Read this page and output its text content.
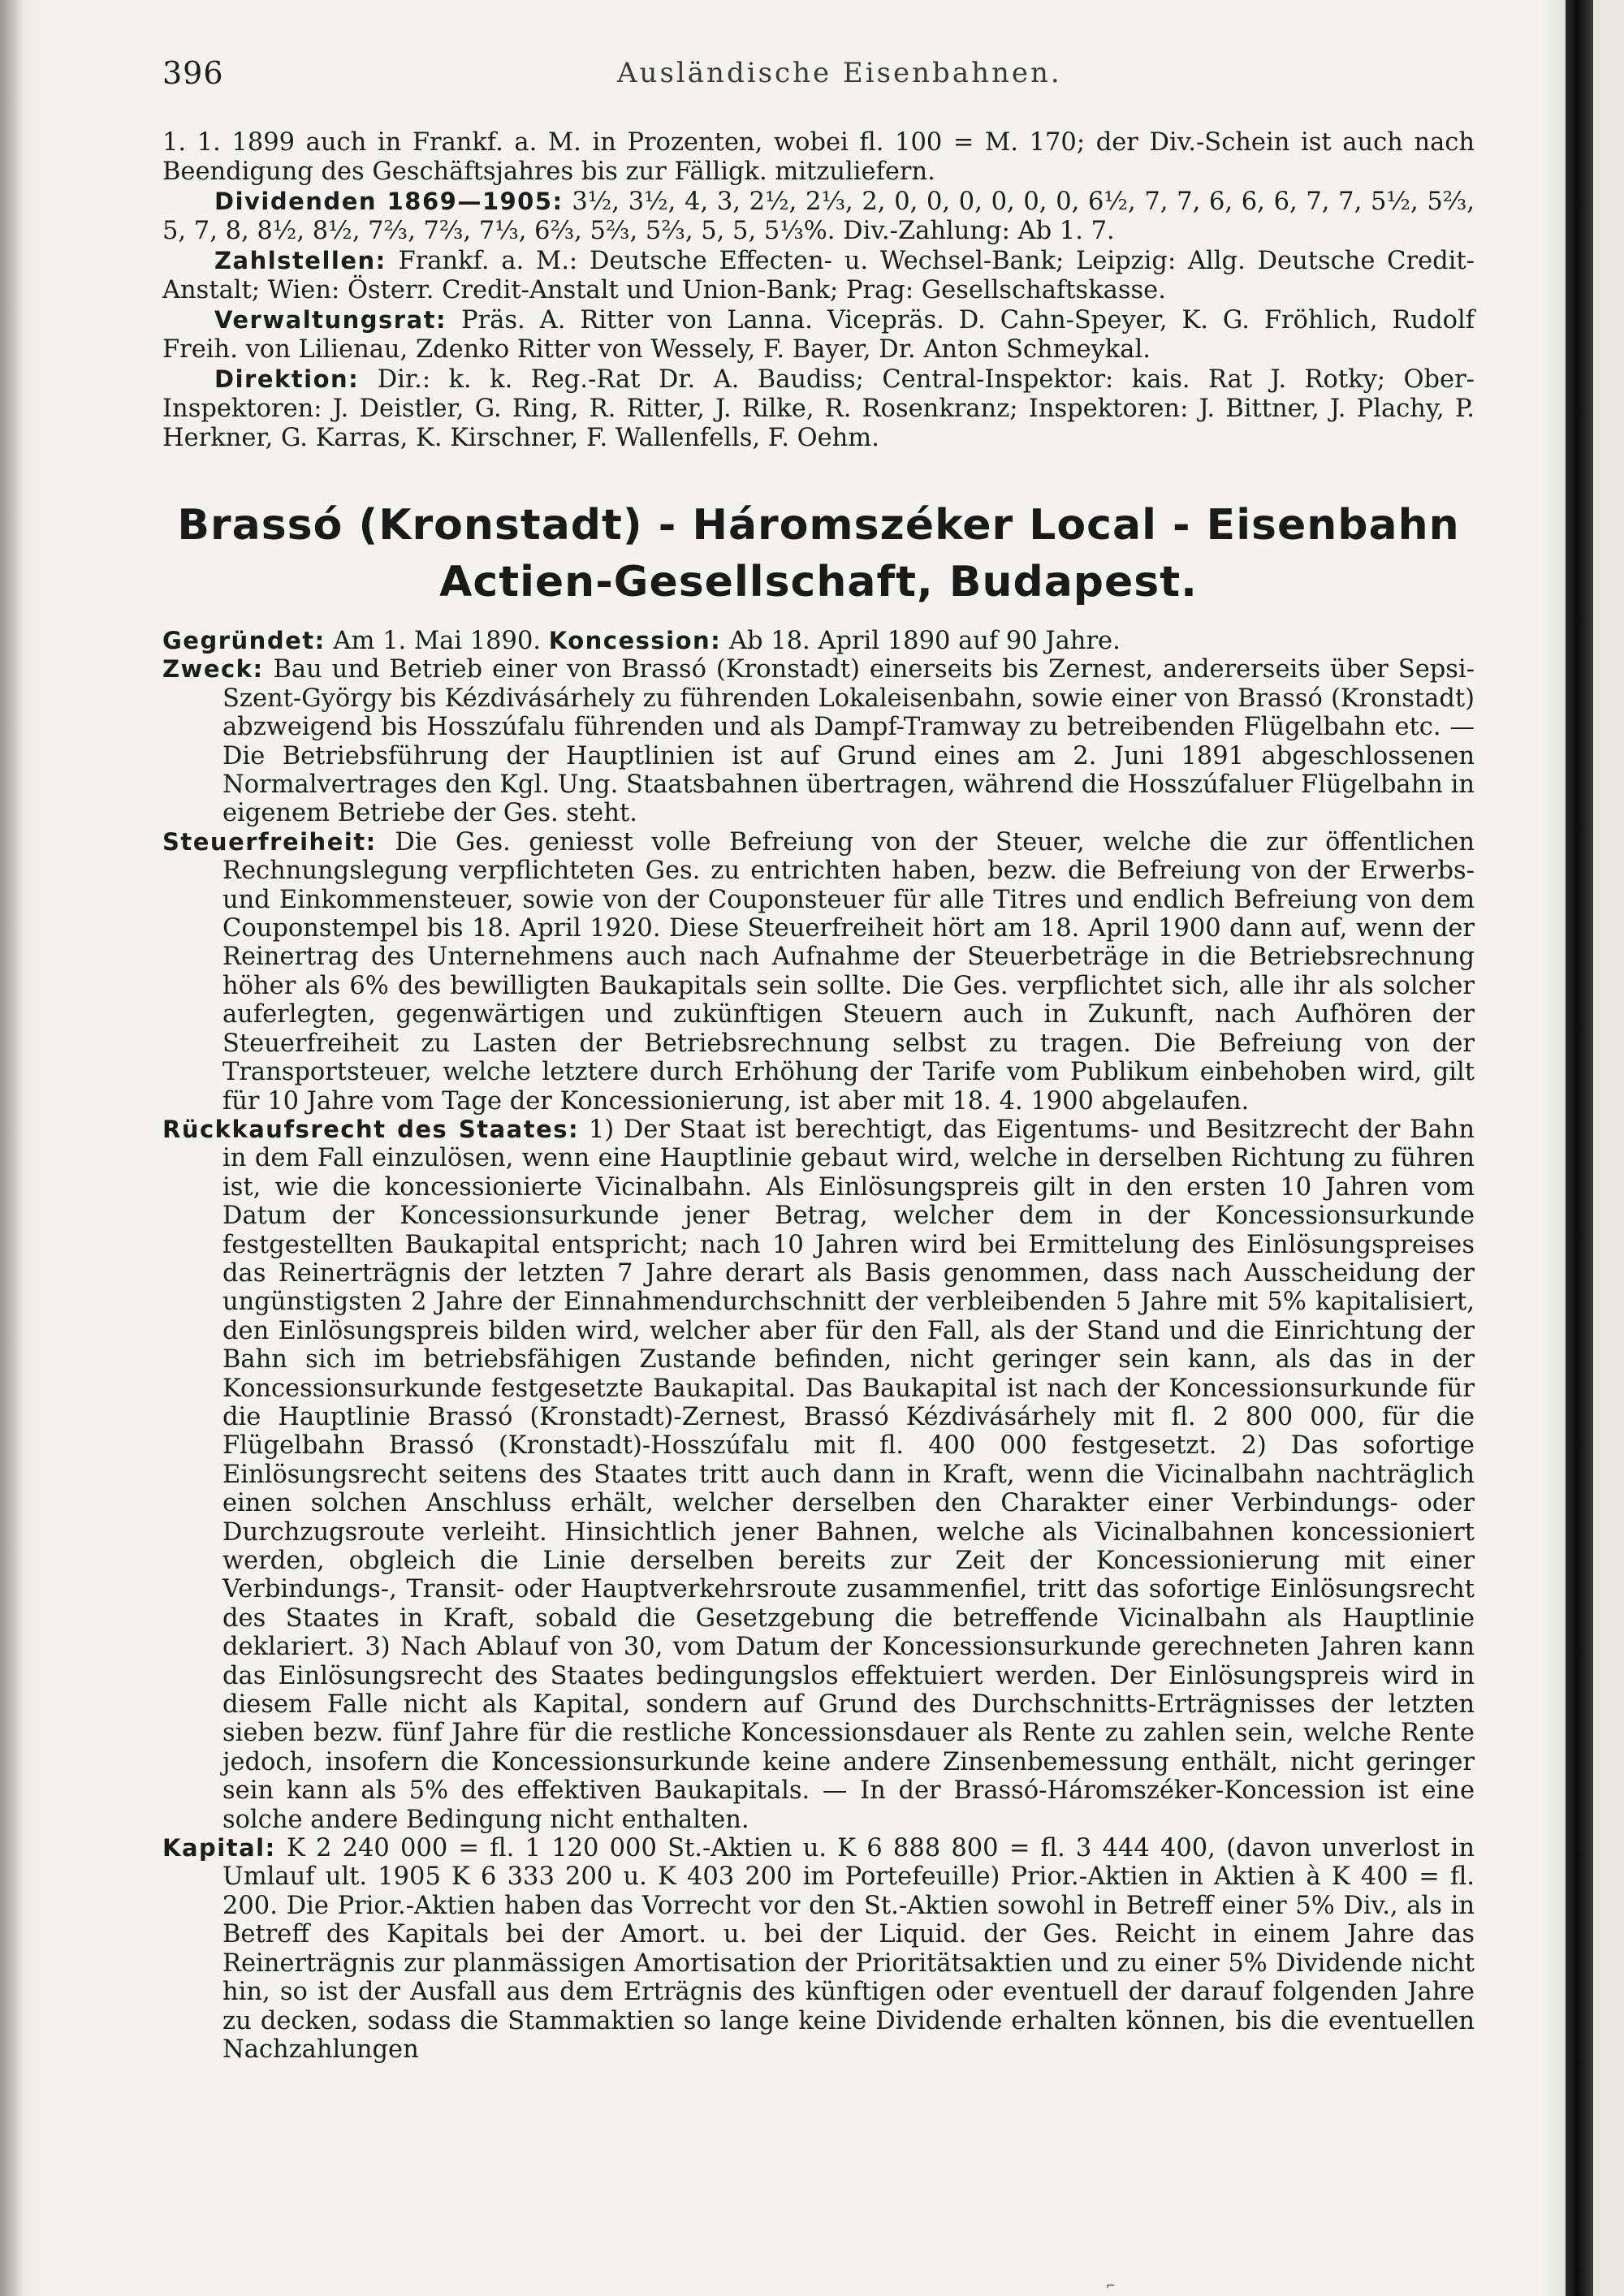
396	Ausländische Eisenbahnen.

1. 1. 1899 auch in Frankf. a. M. in Prozenten, wobei fl. 100 = M. 170; der Div.-Schein ist auch nach Beendigung des Geschäftsjahres bis zur Fälligk. mitzuliefern.

Dividenden 1869—1905: 3½, 3½, 4, 3, 2½, 2⅓, 2, 0, 0, 0, 0, 0, 0, 6½, 7, 7, 6, 6, 6, 7, 7, 5½, 5⅔, 5, 7, 8, 8½, 8½, 7⅔, 7⅔, 7⅓, 6⅔, 5⅔, 5⅔, 5, 5, 5⅓%. Div.-Zahlung: Ab 1. 7.

Zahlstellen: Frankf. a. M.: Deutsche Effecten- u. Wechsel-Bank; Leipzig: Allg. Deutsche Credit-Anstalt; Wien: Österr. Credit-Anstalt und Union-Bank; Prag: Gesellschaftskasse.

Verwaltungsrat: Präs. A. Ritter von Lanna. Vicepräs. D. Cahn-Speyer, K. G. Fröhlich, Rudolf Freih. von Lilienau, Zdenko Ritter von Wessely, F. Bayer, Dr. Anton Schmeykal.

Direktion: Dir.: k. k. Reg.-Rat Dr. A. Baudiss; Central-Inspektor: kais. Rat J. Rotky; Ober-Inspektoren: J. Deistler, G. Ring, R. Ritter, J. Rilke, R. Rosenkranz; Inspektoren: J. Bittner, J. Plachy, P. Herkner, G. Karras, K. Kirschner, F. Wallenfells, F. Oehm.

Brassó (Kronstadt) - Háromszéker Local - Eisenbahn
Actien-Gesellschaft, Budapest.

Gegründet: Am 1. Mai 1890. Koncession: Ab 18. April 1890 auf 90 Jahre.

Zweck: Bau und Betrieb einer von Brassó (Kronstadt) einerseits bis Zernest, andererseits über Sepsi-Szent-György bis Kézdivásárhely zu führenden Lokaleisenbahn, sowie einer von Brassó (Kronstadt) abzweigend bis Hosszúfalu führenden und als Dampf-Tramway zu betreibenden Flügelbahn etc. — Die Betriebsführung der Hauptlinien ist auf Grund eines am 2. Juni 1891 abgeschlossenen Normalvertrages den Kgl. Ung. Staatsbahnen übertragen, während die Hosszúfaluer Flügelbahn in eigenem Betriebe der Ges. steht.

Steuerfreiheit: Die Ges. geniesst volle Befreiung von der Steuer, welche die zur öffentlichen Rechnungslegung verpflichteten Ges. zu entrichten haben, bezw. die Befreiung von der Erwerbs- und Einkommensteuer, sowie von der Couponsteuer für alle Titres und endlich Befreiung von dem Couponstempel bis 18. April 1920. Diese Steuerfreiheit hört am 18. April 1900 dann auf, wenn der Reinertrag des Unternehmens auch nach Aufnahme der Steuerbeträge in die Betriebsrechnung höher als 6% des bewilligten Baukapitals sein sollte. Die Ges. verpflichtet sich, alle ihr als solcher auferlegten, gegenwärtigen und zukünftigen Steuern auch in Zukunft, nach Aufhören der Steuerfreiheit zu Lasten der Betriebsrechnung selbst zu tragen. Die Befreiung von der Transportsteuer, welche letztere durch Erhöhung der Tarife vom Publikum einbehoben wird, gilt für 10 Jahre vom Tage der Koncessionierung, ist aber mit 18. 4. 1900 abgelaufen.

Rückkaufsrecht des Staates: 1) Der Staat ist berechtigt, das Eigentums- und Besitzrecht der Bahn in dem Fall einzulösen, wenn eine Hauptlinie gebaut wird, welche in derselben Richtung zu führen ist, wie die koncessionierte Vicinalbahn. Als Einlösungspreis gilt in den ersten 10 Jahren vom Datum der Koncessionsurkunde jener Betrag, welcher dem in der Koncessionsurkunde festgestellten Baukapital entspricht; nach 10 Jahren wird bei Ermittelung des Einlösungspreises das Reinerträgnis der letzten 7 Jahre derart als Basis genommen, dass nach Ausscheidung der ungünstigsten 2 Jahre der Einnahmendurchschnitt der verbleibenden 5 Jahre mit 5% kapitalisiert, den Einlösungspreis bilden wird, welcher aber für den Fall, als der Stand und die Einrichtung der Bahn sich im betriebsfähigen Zustande befinden, nicht geringer sein kann, als das in der Koncessionsurkunde festgesetzte Baukapital. Das Baukapital ist nach der Koncessionsurkunde für die Hauptlinie Brassó (Kronstadt)-Zernest, Brassó Kézdivásárhely mit fl. 2 800 000, für die Flügelbahn Brassó (Kronstadt)-Hosszúfalu mit fl. 400 000 festgesetzt. 2) Das sofortige Einlösungsrecht seitens des Staates tritt auch dann in Kraft, wenn die Vicinalbahn nachträglich einen solchen Anschluss erhält, welcher derselben den Charakter einer Verbindungs- oder Durchzugsroute verleiht. Hinsichtlich jener Bahnen, welche als Vicinalbahnen koncessioniert werden, obgleich die Linie derselben bereits zur Zeit der Koncessionierung mit einer Verbindungs-, Transit- oder Hauptverkehrsroute zusammenfiel, tritt das sofortige Einlösungsrecht des Staates in Kraft, sobald die Gesetzgebung die betreffende Vicinalbahn als Hauptlinie deklariert. 3) Nach Ablauf von 30, vom Datum der Koncessionsurkunde gerechneten Jahren kann das Einlösungsrecht des Staates bedingungslos effektuiert werden. Der Einlösungspreis wird in diesem Falle nicht als Kapital, sondern auf Grund des Durchschnitts-Erträgnisses der letzten sieben bezw. fünf Jahre für die restliche Koncessionsdauer als Rente zu zahlen sein, welche Rente jedoch, insofern die Koncessionsurkunde keine andere Zinsenbemessung enthält, nicht geringer sein kann als 5% des effektiven Baukapitals. — In der Brassó-Háromszéker-Koncession ist eine solche andere Bedingung nicht enthalten.

Kapital: K 2 240 000 = fl. 1 120 000 St.-Aktien u. K 6 888 800 = fl. 3 444 400, (davon unverlost in Umlauf ult. 1905 K 6 333 200 u. K 403 200 im Portefeuille) Prior.-Aktien in Aktien à K 400 = fl. 200. Die Prior.-Aktien haben das Vorrecht vor den St.-Aktien sowohl in Betreff einer 5% Div., als in Betreff des Kapitals bei der Amort. u. bei der Liquid. der Ges. Reicht in einem Jahre das Reinerträgnis zur planmässigen Amortisation der Prioritätsaktien und zu einer 5% Dividende nicht hin, so ist der Ausfall aus dem Erträgnis des künftigen oder eventuell der darauf folgenden Jahre zu decken, sodass die Stammaktien so lange keine Dividende erhalten können, bis die eventuellen Nachzahlungen

⌐
